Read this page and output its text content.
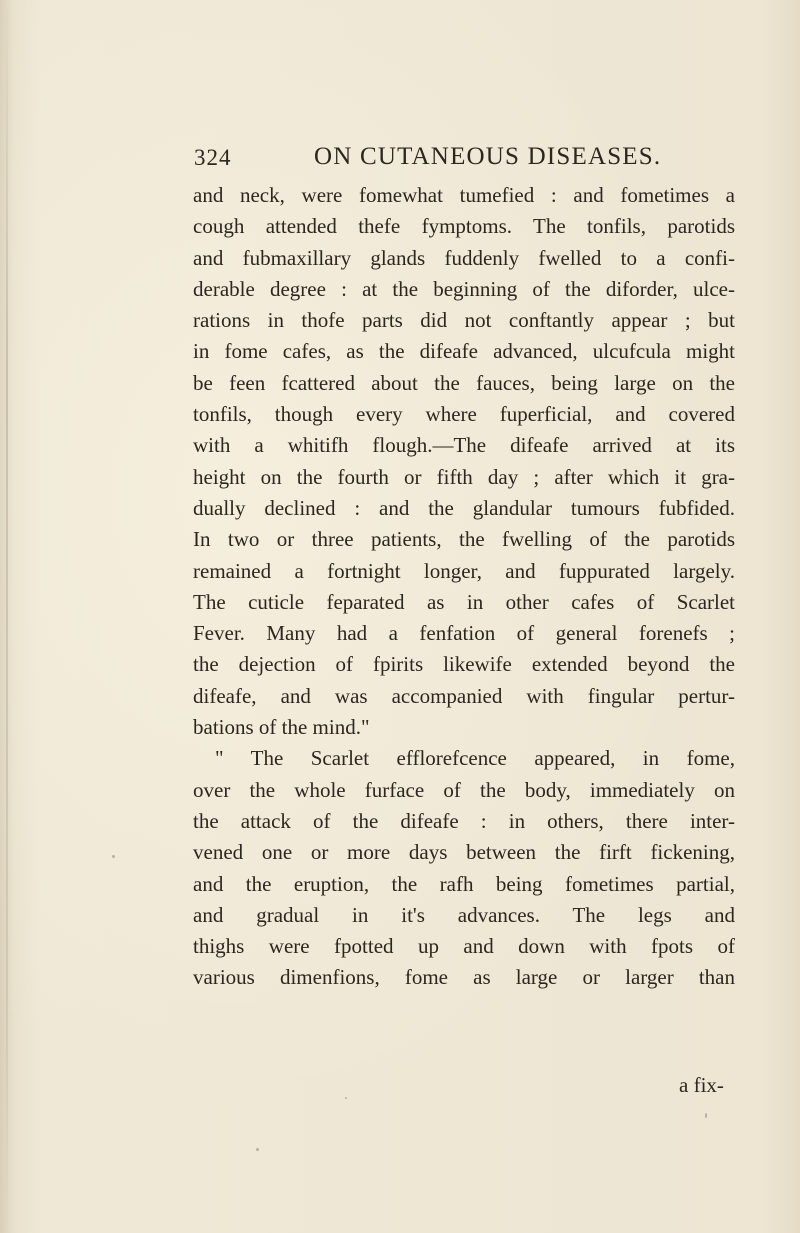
324	ON CUTANEOUS DISEASES.
and neck, were fomewhat tumefied : and fometimes a
cough attended thefe fymptoms. The tonfils, parotids
and fubmaxillary glands fuddenly fwelled to a confi-
derable degree : at the beginning of the diforder, ulce-
rations in thofe parts did not conftantly appear ; but
in fome cafes, as the difeafe advanced, ulcufcula might
be feen fcattered about the fauces, being large on the
tonfils, though every where fuperficial, and covered
with a whitifh flough.—The difeafe arrived at its
height on the fourth or fifth day ; after which it gra-
dually declined : and the glandular tumours fubfided.
In two or three patients, the fwelling of the parotids
remained a fortnight longer, and fuppurated largely.
The cuticle feparated as in other cafes of Scarlet
Fever. Many had a fenfation of general forenefs ;
the dejection of fpirits likewife extended beyond the
difeafe, and was accompanied with fingular pertur-
bations of the mind."
" The Scarlet efflorefcence appeared, in fome,
over the whole furface of the body, immediately on
the attack of the difeafe : in others, there inter-
vened one or more days between the firft fickening,
and the eruption, the rafh being fometimes partial,
and gradual in it's advances. The legs and
thighs were fpotted up and down with fpots of
various dimenfions, fome as large or larger than
a fix-
